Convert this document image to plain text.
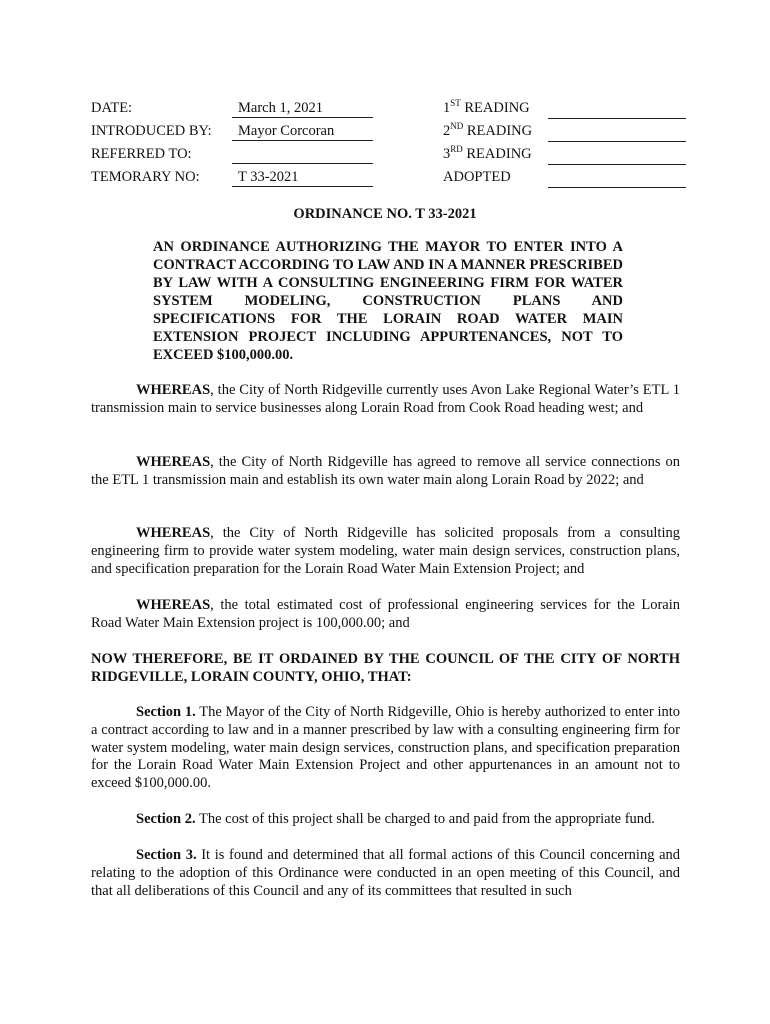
DATE:	March 1, 2021
INTRODUCED BY:	Mayor Corcoran
REFERRED TO:
TEMORARY NO:	T 33-2021
1ST READING
2ND READING
3RD READING
ADOPTED
ORDINANCE NO. T 33-2021
AN ORDINANCE AUTHORIZING THE MAYOR TO ENTER INTO A CONTRACT ACCORDING TO LAW AND IN A MANNER PRESCRIBED BY LAW WITH A CONSULTING ENGINEERING FIRM FOR WATER SYSTEM MODELING, CONSTRUCTION PLANS AND SPECIFICATIONS FOR THE LORAIN ROAD WATER MAIN EXTENSION PROJECT INCLUDING APPURTENANCES, NOT TO EXCEED $100,000.00.
WHEREAS, the City of North Ridgeville currently uses Avon Lake Regional Water’s ETL 1 transmission main to service businesses along Lorain Road from Cook Road heading west; and
WHEREAS, the City of North Ridgeville has agreed to remove all service connections on the ETL 1 transmission main and establish its own water main along Lorain Road by 2022; and
WHEREAS, the City of North Ridgeville has solicited proposals from a consulting engineering firm to provide water system modeling, water main design services, construction plans, and specification preparation for the Lorain Road Water Main Extension Project; and
WHEREAS, the total estimated cost of professional engineering services for the Lorain Road Water Main Extension project is 100,000.00; and
NOW THEREFORE, BE IT ORDAINED BY THE COUNCIL OF THE CITY OF NORTH RIDGEVILLE, LORAIN COUNTY, OHIO, THAT:
Section 1. The Mayor of the City of North Ridgeville, Ohio is hereby authorized to enter into a contract according to law and in a manner prescribed by law with a consulting engineering firm for water system modeling, water main design services, construction plans, and specification preparation for the Lorain Road Water Main Extension Project and other appurtenances in an amount not to exceed $100,000.00.
Section 2. The cost of this project shall be charged to and paid from the appropriate fund.
Section 3. It is found and determined that all formal actions of this Council concerning and relating to the adoption of this Ordinance were conducted in an open meeting of this Council, and that all deliberations of this Council and any of its committees that resulted in such
